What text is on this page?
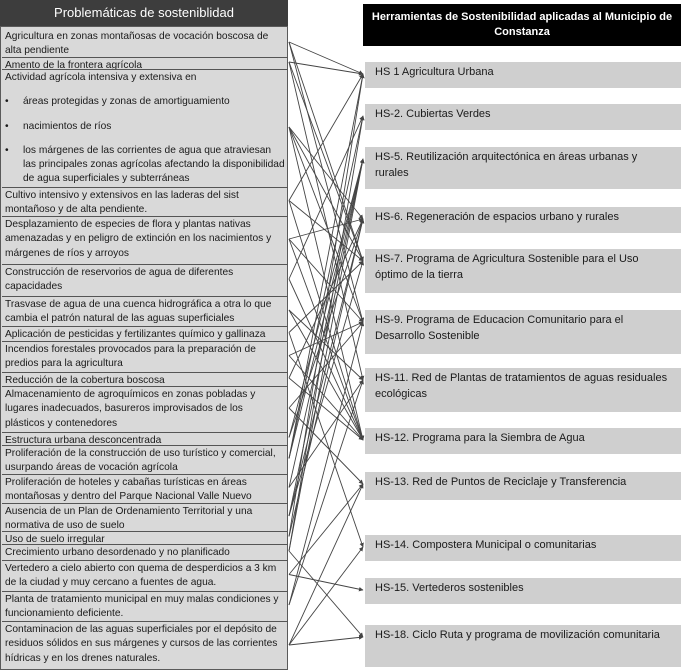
Problemáticas de sosteniblidad
Agricultura en zonas montañosas de vocación boscosa de alta pendiente
Amento de la frontera agrícola
Actividad agrícola intensiva y extensiva en
• áreas protegidas y zonas de amortiguamiento
• nacimientos de ríos
• los márgenes de las corrientes de agua que atraviesan las principales zonas agrícolas afectando la disponibilidad de agua superficiales y subterráneas
Cultivo intensivo y extensivos en las laderas del sist montañoso y de alta pendiente.
Desplazamiento de especies de flora y plantas nativas amenazadas y en peligro de extinción en los nacimientos y márgenes de ríos y arroyos
Construcción de reservorios de agua de diferentes capacidades
Trasvase de agua de una cuenca hidrográfica a otra lo que cambia el patrón natural de las aguas superficiales
Aplicación de pesticidas y fertilizantes químico y gallinaza
Incendios forestales provocados para la preparación de predios para la agricultura
Reducción de la cobertura boscosa
Almacenamiento de agroquímicos en zonas pobladas y lugares inadecuados, basureros improvisados de los plásticos y contenedores
Estructura urbana desconcentrada
Proliferación de la construcción de uso turístico y comercial, usurpando áreas de vocación agrícola
Proliferación de hoteles y cabañas turísticas en áreas montañosas y dentro del Parque Nacional Valle Nuevo
Ausencia de un Plan de Ordenamiento Territorial y una normativa de uso de suelo
Uso de suelo irregular
Crecimiento urbano desordenado y no planificado
Vertedero a cielo abierto con quema de desperdicios a 3 km de la ciudad y muy cercano a fuentes de agua.
Planta de tratamiento municipal en muy malas condiciones y funcionamiento deficiente.
Contaminacion de las aguas superficiales por el depósito de residuos sólidos en sus márgenes y cursos de las corrientes hídricas y en los drenes naturales.
Herramientas de Sostenibilidad aplicadas al Municipio de Constanza
HS 1 Agricultura Urbana
HS-2. Cubiertas Verdes
HS-5. Reutilización arquitectónica en áreas urbanas y rurales
HS-6. Regeneración de espacios urbano y rurales
HS-7. Programa de Agricultura Sostenible para el Uso óptimo de la tierra
HS-9. Programa de Educacion Comunitario para el Desarrollo Sostenible
HS-11. Red de Plantas de tratamientos de aguas residuales ecológicas
HS-12. Programa para la Siembra de Agua
HS-13. Red de Puntos de Reciclaje y Transferencia
HS-14. Compostera Municipal o comunitarias
HS-15. Vertederos sostenibles
HS-18. Ciclo Ruta y programa de movilización comunitaria
